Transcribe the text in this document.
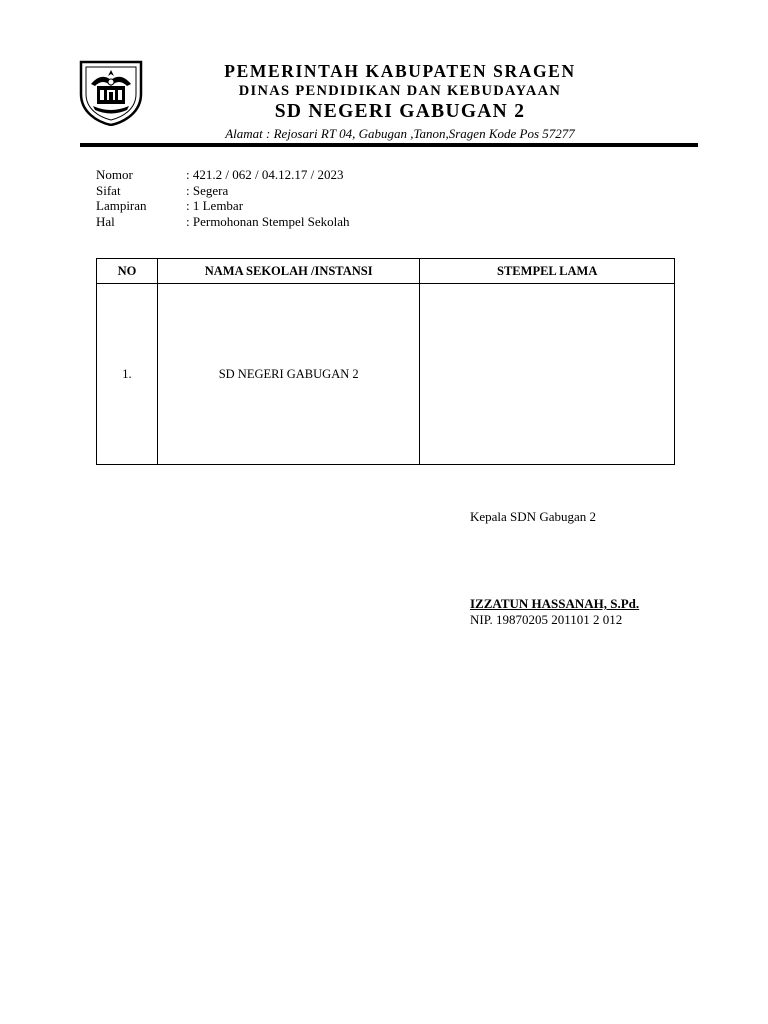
PEMERINTAH KABUPATEN SRAGEN
DINAS PENDIDIKAN DAN KEBUDAYAAN
SD NEGERI GABUGAN 2
Alamat : Rejosari RT 04, Gabugan ,Tanon,Sragen Kode Pos 57277
Nomor	: 421.2 / 062 / 04.12.17 / 2023
Sifat	: Segera
Lampiran	: 1 Lembar
Hal	: Permohonan Stempel Sekolah
NO	NAMA SEKOLAH /INSTANSI	STEMPEL LAMA
1.	SD NEGERI GABUGAN 2	
Kepala SDN Gabugan 2
IZZATUN HASSANAH, S.Pd.
NIP. 19870205 201101 2 012
